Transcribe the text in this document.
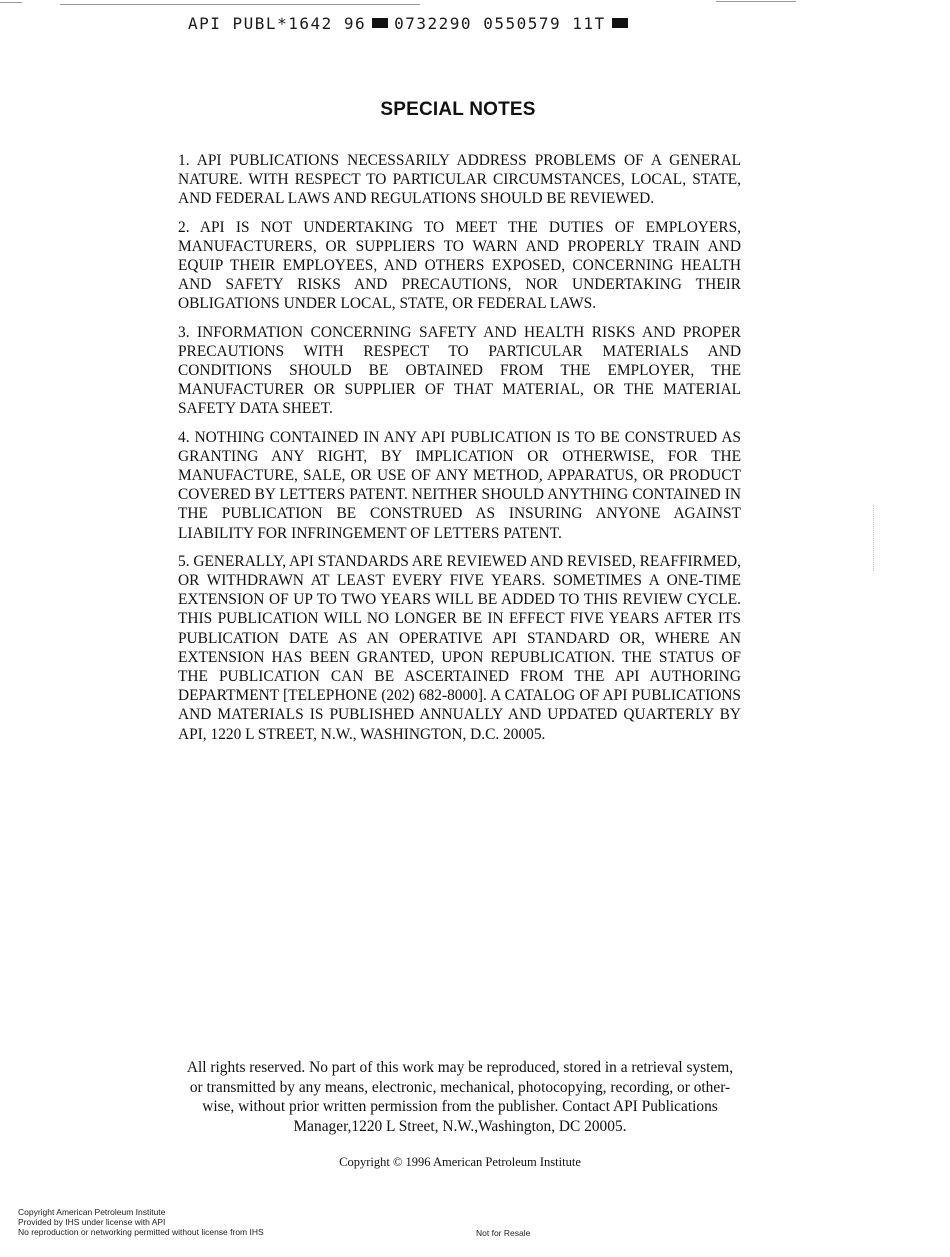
API PUBL*1642 96 0732290 0550579 11T
SPECIAL NOTES

1. API PUBLICATIONS NECESSARILY ADDRESS PROBLEMS OF A GENERAL NATURE. WITH RESPECT TO PARTICULAR CIRCUMSTANCES, LOCAL, STATE, AND FEDERAL LAWS AND REGULATIONS SHOULD BE REVIEWED.

2. API IS NOT UNDERTAKING TO MEET THE DUTIES OF EMPLOYERS, MANUFACTURERS, OR SUPPLIERS TO WARN AND PROPERLY TRAIN AND EQUIP THEIR EMPLOYEES, AND OTHERS EXPOSED, CONCERNING HEALTH AND SAFETY RISKS AND PRECAUTIONS, NOR UNDERTAKING THEIR OBLIGATIONS UNDER LOCAL, STATE, OR FEDERAL LAWS.

3. INFORMATION CONCERNING SAFETY AND HEALTH RISKS AND PROPER PRECAUTIONS WITH RESPECT TO PARTICULAR MATERIALS AND CONDITIONS SHOULD BE OBTAINED FROM THE EMPLOYER, THE MANUFACTURER OR SUPPLIER OF THAT MATERIAL, OR THE MATERIAL SAFETY DATA SHEET.

4. NOTHING CONTAINED IN ANY API PUBLICATION IS TO BE CONSTRUED AS GRANTING ANY RIGHT, BY IMPLICATION OR OTHERWISE, FOR THE MANUFACTURE, SALE, OR USE OF ANY METHOD, APPARATUS, OR PRODUCT COVERED BY LETTERS PATENT. NEITHER SHOULD ANYTHING CONTAINED IN THE PUBLICATION BE CONSTRUED AS INSURING ANYONE AGAINST LIABILITY FOR INFRINGEMENT OF LETTERS PATENT.

5. GENERALLY, API STANDARDS ARE REVIEWED AND REVISED, REAFFIRMED, OR WITHDRAWN AT LEAST EVERY FIVE YEARS. SOMETIMES A ONE-TIME EXTENSION OF UP TO TWO YEARS WILL BE ADDED TO THIS REVIEW CYCLE. THIS PUBLICATION WILL NO LONGER BE IN EFFECT FIVE YEARS AFTER ITS PUBLICATION DATE AS AN OPERATIVE API STANDARD OR, WHERE AN EXTENSION HAS BEEN GRANTED, UPON REPUBLICATION. THE STATUS OF THE PUBLICATION CAN BE ASCERTAINED FROM THE API AUTHORING DEPARTMENT [TELEPHONE (202) 682-8000]. A CATALOG OF API PUBLICATIONS AND MATERIALS IS PUBLISHED ANNUALLY AND UPDATED QUARTERLY BY API, 1220 L STREET, N.W., WASHINGTON, D.C. 20005.

All rights reserved. No part of this work may be reproduced, stored in a retrieval system,
or transmitted by any means, electronic, mechanical, photocopying, recording, or other-
wise, without prior written permission from the publisher. Contact API Publications
Manager,1220 L Street, N.W.,Washington, DC 20005.
Copyright © 1996 American Petroleum Institute
Copyright American Petroleum Institute
Provided by IHS under license with API
No reproduction or networking permitted without license from IHS	Not for Resale
